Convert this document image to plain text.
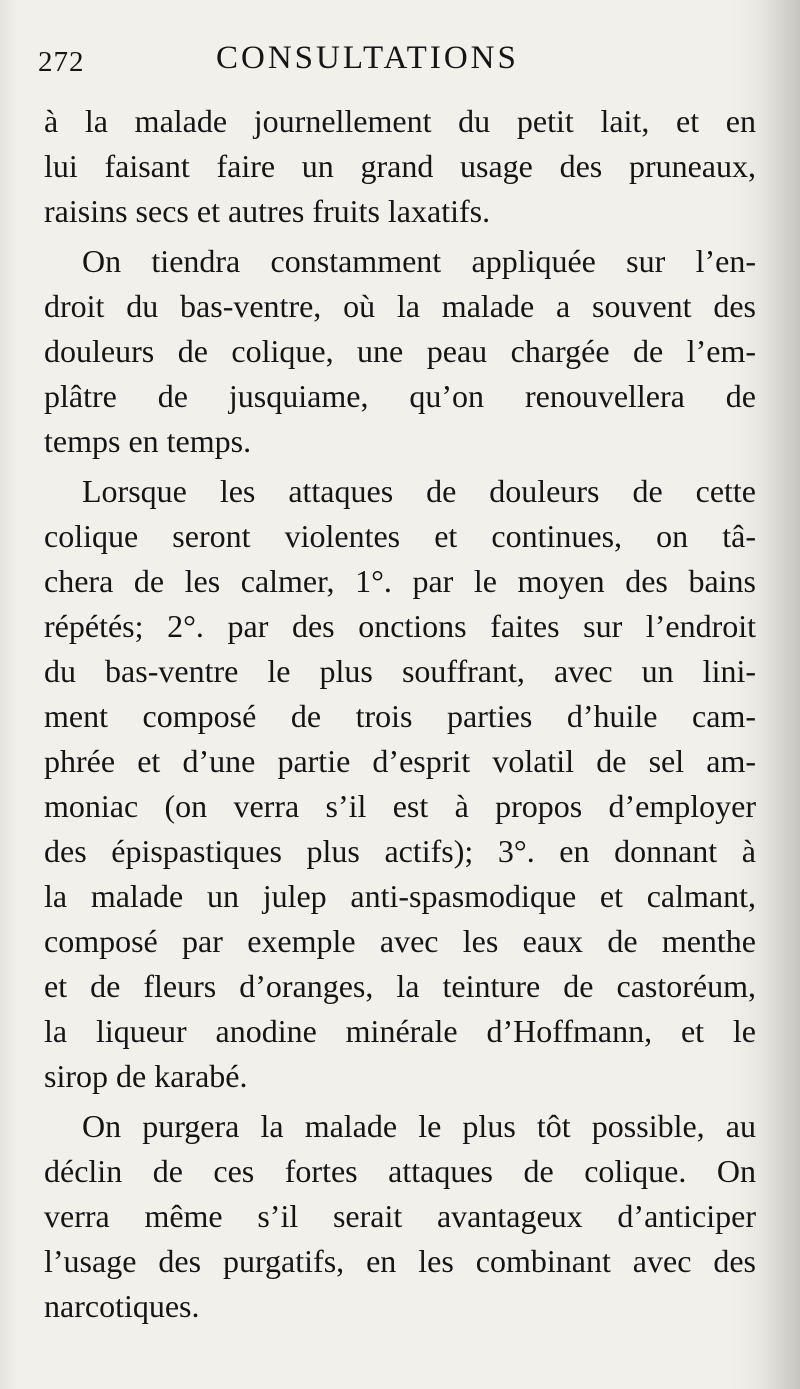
272	CONSULTATIONS
à la malade journellement du petit lait, et en
lui faisant faire un grand usage des pruneaux,
raisins secs et autres fruits laxatifs.
On tiendra constamment appliquée sur l’en-
droit du bas-ventre, où la malade a souvent des
douleurs de colique, une peau chargée de l’em-
plâtre de jusquiame, qu’on renouvellera de
temps en temps.
Lorsque les attaques de douleurs de cette
colique seront violentes et continues, on tâ-
chera de les calmer, 1°. par le moyen des bains
répétés; 2°. par des onctions faites sur l’endroit
du bas-ventre le plus souffrant, avec un lini-
ment composé de trois parties d’huile cam-
phrée et d’une partie d’esprit volatil de sel am-
moniac (on verra s’il est à propos d’employer
des épispastiques plus actifs); 3°. en donnant à
la malade un julep anti-spasmodique et calmant,
composé par exemple avec les eaux de menthe
et de fleurs d’oranges, la teinture de castoréum,
la liqueur anodine minérale d’Hoffmann, et le
sirop de karabé.
On purgera la malade le plus tôt possible, au
déclin de ces fortes attaques de colique. On
verra même s’il serait avantageux d’anticiper
l’usage des purgatifs, en les combinant avec des
narcotiques.
